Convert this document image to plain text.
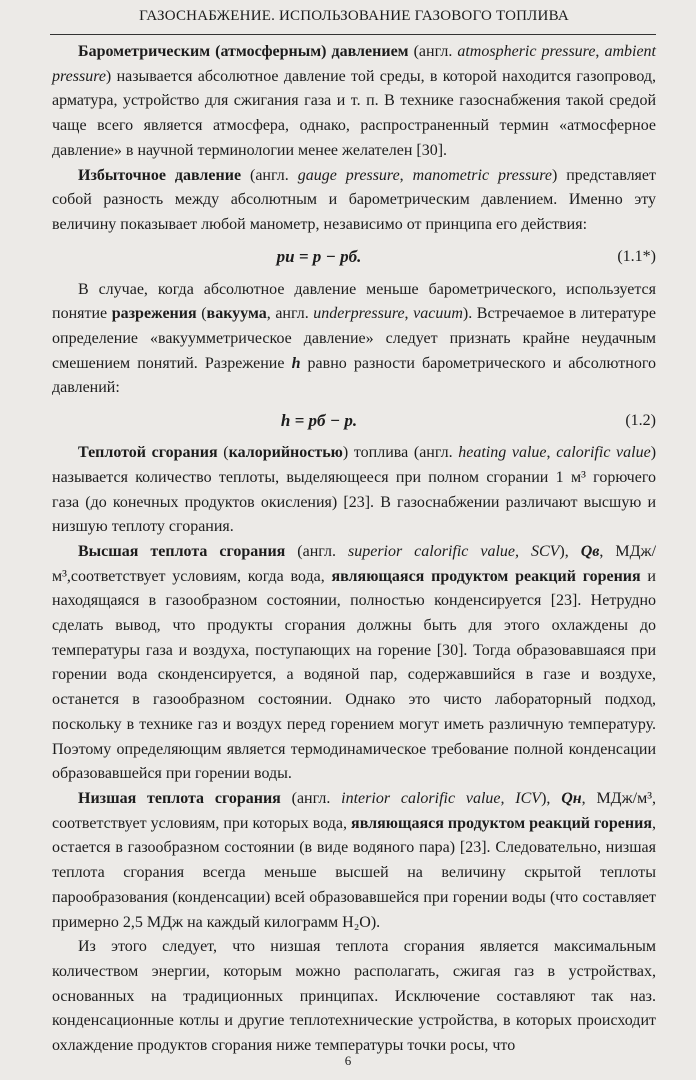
ГАЗОСНАБЖЕНИЕ. ИСПОЛЬЗОВАНИЕ ГАЗОВОГО ТОПЛИВА

Барометрическим (атмосферным) давлением (англ. atmospheric pressure, ambient pressure) называется абсолютное давление той среды, в которой находится газопровод, арматура, устройство для сжигания газа и т. п. В технике газоснабжения такой средой чаще всего является атмосфера, однако, распространенный термин «атмосферное давление» в научной терминологии менее желателен [30].

Избыточное давление (англ. gauge pressure, manometric pressure) представляет собой разность между абсолютным и барометрическим давлением. Именно эту величину показывает любой манометр, независимо от принципа его действия:

pи = p − pб.	(1.1*)

В случае, когда абсолютное давление меньше барометрического, используется понятие разрежения (вакуума, англ. underpressure, vacuum). Встречаемое в литературе определение «вакуумметрическое давление» следует признать крайне неудачным смешением понятий. Разрежение h равно разности барометрического и абсолютного давлений:

h = pб − p.	(1.2)

Теплотой сгорания (калорийностью) топлива (англ. heating value, calorific value) называется количество теплоты, выделяющееся при полном сгорании 1 м³ горючего газа (до конечных продуктов окисления) [23]. В газоснабжении различают высшую и низшую теплоту сгорания.

Высшая теплота сгорания (англ. superior calorific value, SCV), Qв, МДж/м³,соответствует условиям, когда вода, являющаяся продуктом реакций горения и находящаяся в газообразном состоянии, полностью конденсируется [23]. Нетрудно сделать вывод, что продукты сгорания должны быть для этого охлаждены до температуры газа и воздуха, поступающих на горение [30]. Тогда образовавшаяся при горении вода сконденсируется, а водяной пар, содержавшийся в газе и воздухе, останется в газообразном состоянии. Однако это чисто лабораторный подход, поскольку в технике газ и воздух перед горением могут иметь различную температуру. Поэтому определяющим является термодинамическое требование полной конденсации образовавшейся при горении воды.

Низшая теплота сгорания (англ. interior calorific value, ICV), Qн, МДж/м³, соответствует условиям, при которых вода, являющаяся продуктом реакций горения, остается в газообразном состоянии (в виде водяного пара) [23]. Следовательно, низшая теплота сгорания всегда меньше высшей на величину скрытой теплоты парообразования (конденсации) всей образовавшейся при горении воды (что составляет примерно 2,5 МДж на каждый килограмм H₂O).

Из этого следует, что низшая теплота сгорания является максимальным количеством энергии, которым можно располагать, сжигая газ в устройствах, основанных на традиционных принципах. Исключение составляют так наз. конденсационные котлы и другие теплотехнические устройства, в которых происходит охлаждение продуктов сгорания ниже температуры точки росы, что

6
